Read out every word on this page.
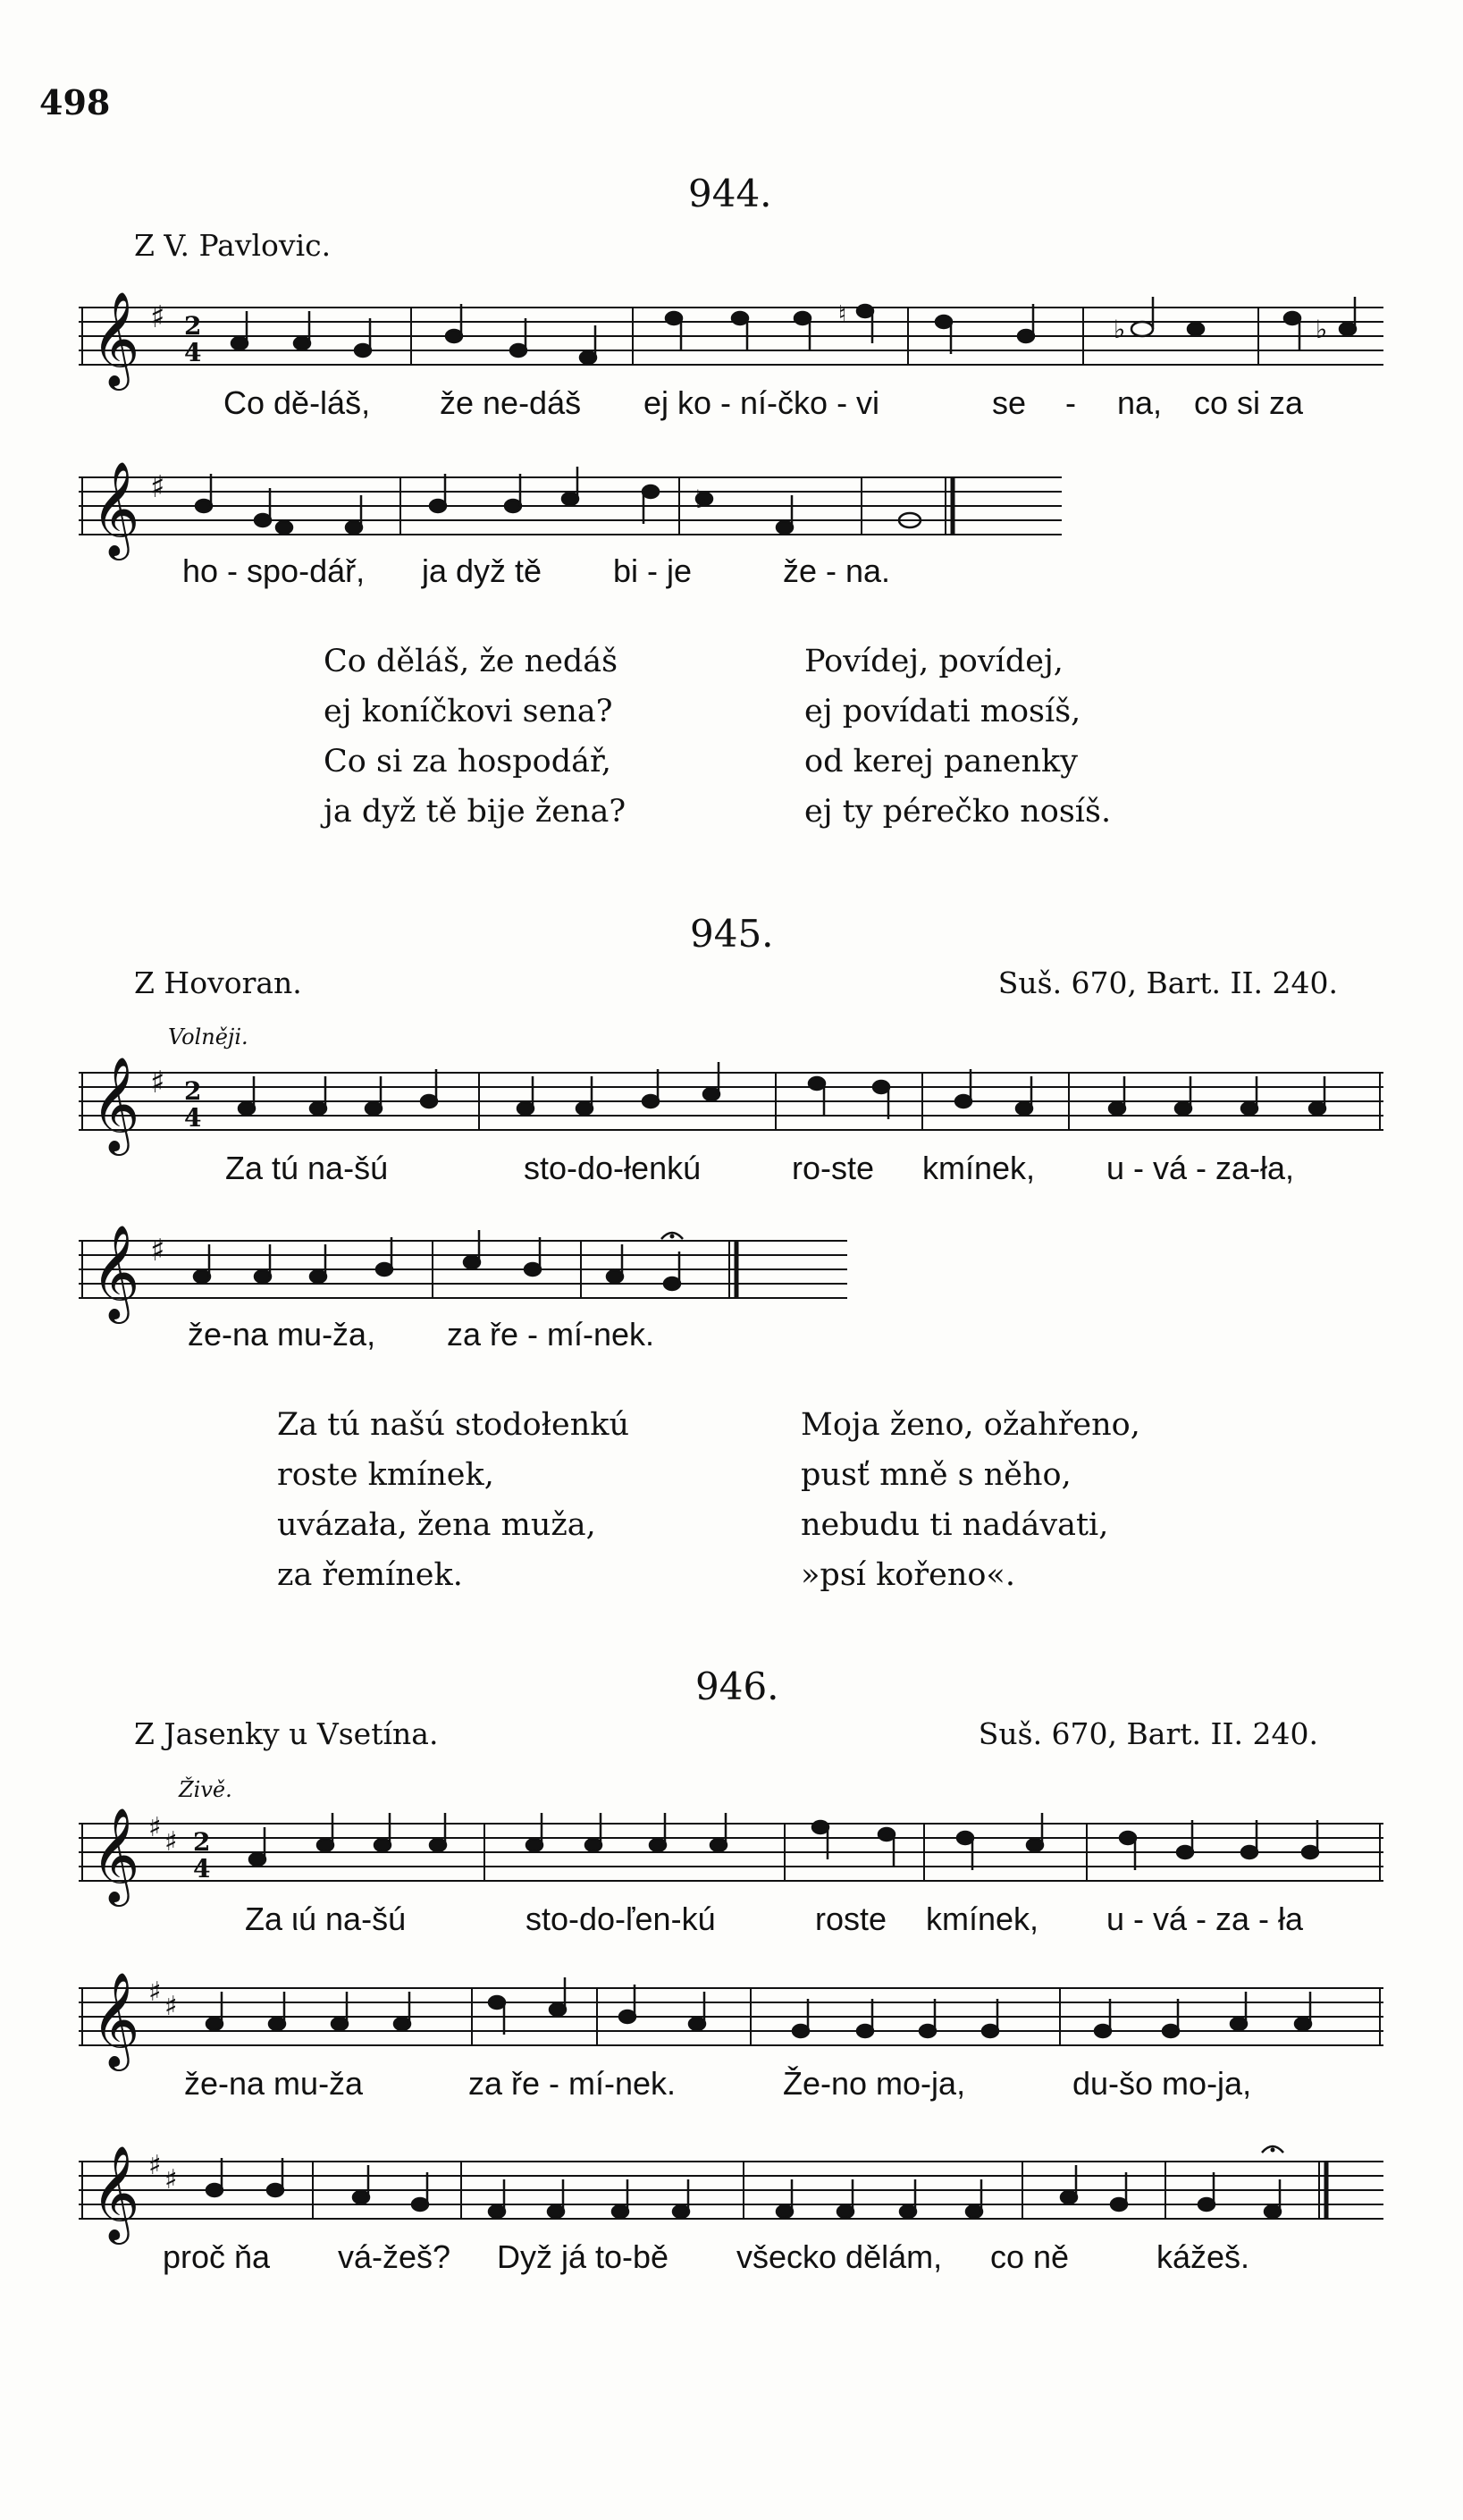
498
944.
Z V. Pavlovic.
𝄞 ♯ 2
4
♭	♭
♮
Co dě-láš, že ne-dáš ej ko - ní-čko - vi	se - na, co si za
𝄞 ♯	♭
ho - spo-dář, ja dyž tě bi - je	že - na.
Co děláš, že nedáš
ej koníčkovi sena?
Co si za hospodář,
ja dyž tě bije žena?
Povídej, povídej,
ej povídati mosíš,
od kerej panenky
ej ty pérečko nosíš.
945.
Z Hovoran.	Suš. 670, Bart. II. 240.
Volněji.
𝄞 ♯ 2
4
Za tú na-šú	sto-do-łenkú	ro-ste kmínek, u - vá - za-ła,
𝄞 ♯
že-na mu-ža, za ře - mí-nek.
Za tú našú stodołenkú
roste kmínek,
uvázała, žena muža,
za řemínek.
Moja ženo, ožahřeno,
pusť mně s něho,
nebudu ti nadávati,
»psí kořeno«.
946.
Z Jasenky u Vsetína.	Suš. 670, Bart. II. 240.
Živě.
𝄞 ♯ ♯ 2
4
Za ιú na-šú	sto-do-ľen-kú	roste kmínek, u - vá - za - ła
𝄞 ♯ ♯
že-na mu-ža	za ře - mí-nek.	Že-no mo-ja,	du-šo mo-ja,
𝄞 ♯ ♯
proč ňa vá-žeš? Dyž já to-bě všecko dělám, co ně	kážeš.
